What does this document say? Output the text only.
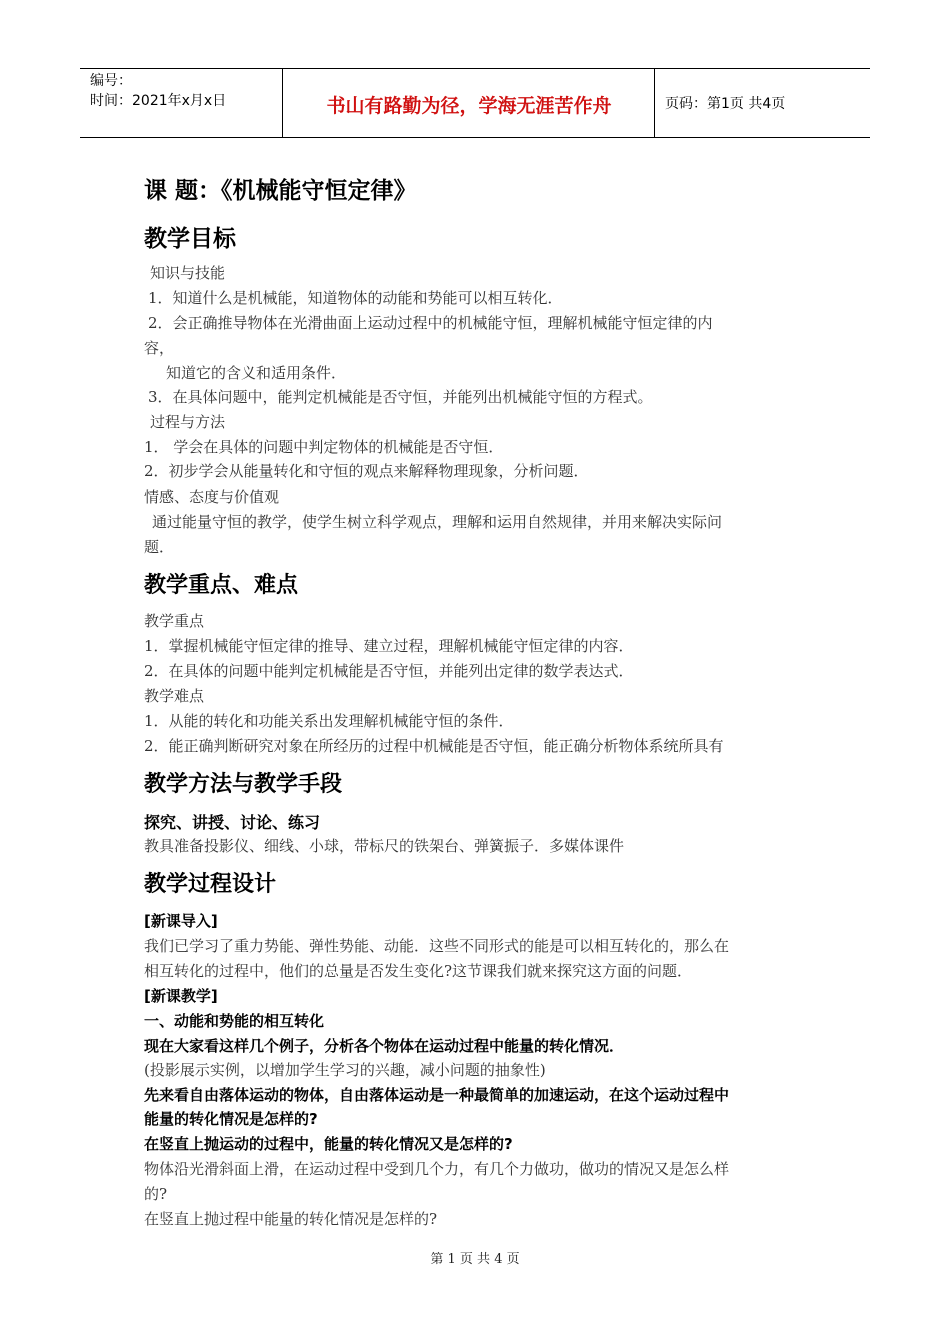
编号：
时间：2021年x月x日	书山有路勤为径，学海无涯苦作舟	页码：第1页 共4页
课 题：《机械能守恒定律》
教学目标
知识与技能
1．知道什么是机械能，知道物体的动能和势能可以相互转化．
2．会正确推导物体在光滑曲面上运动过程中的机械能守恒，理解机械能守恒定律的内
容，
知道它的含义和适用条件．
3．在具体问题中，能判定机械能是否守恒，并能列出机械能守恒的方程式。
过程与方法
1． 学会在具体的问题中判定物体的机械能是否守恒．
2．初步学会从能量转化和守恒的观点来解释物理现象，分析问题．
情感、态度与价值观
通过能量守恒的教学，使学生树立科学观点，理解和运用自然规律，并用来解决实际问
题．
教学重点、难点
教学重点
1．掌握机械能守恒定律的推导、建立过程，理解机械能守恒定律的内容．
2．在具体的问题中能判定机械能是否守恒，并能列出定律的数学表达式．
教学难点
1．从能的转化和功能关系出发理解机械能守恒的条件．
2．能正确判断研究对象在所经历的过程中机械能是否守恒，能正确分析物体系统所具有
教学方法与教学手段
探究、讲授、讨论、练习
教具准备投影仪、细线、小球，带标尺的铁架台、弹簧振子．多媒体课件
教学过程设计
[新课导入]
我们已学习了重力势能、弹性势能、动能．这些不同形式的能是可以相互转化的，那么在
相互转化的过程中，他们的总量是否发生变化?这节课我们就来探究这方面的问题．
[新课教学]
一、动能和势能的相互转化
现在大家看这样几个例子，分析各个物体在运动过程中能量的转化情况．
(投影展示实例，以增加学生学习的兴趣，减小问题的抽象性)
先来看自由落体运动的物体，自由落体运动是一种最简单的加速运动，在这个运动过程中
能量的转化情况是怎样的?
在竖直上抛运动的过程中，能量的转化情况又是怎样的?
物体沿光滑斜面上滑，在运动过程中受到几个力，有几个力做功，做功的情况又是怎么样
的?
在竖直上抛过程中能量的转化情况是怎样的?
第 1 页 共 4 页
